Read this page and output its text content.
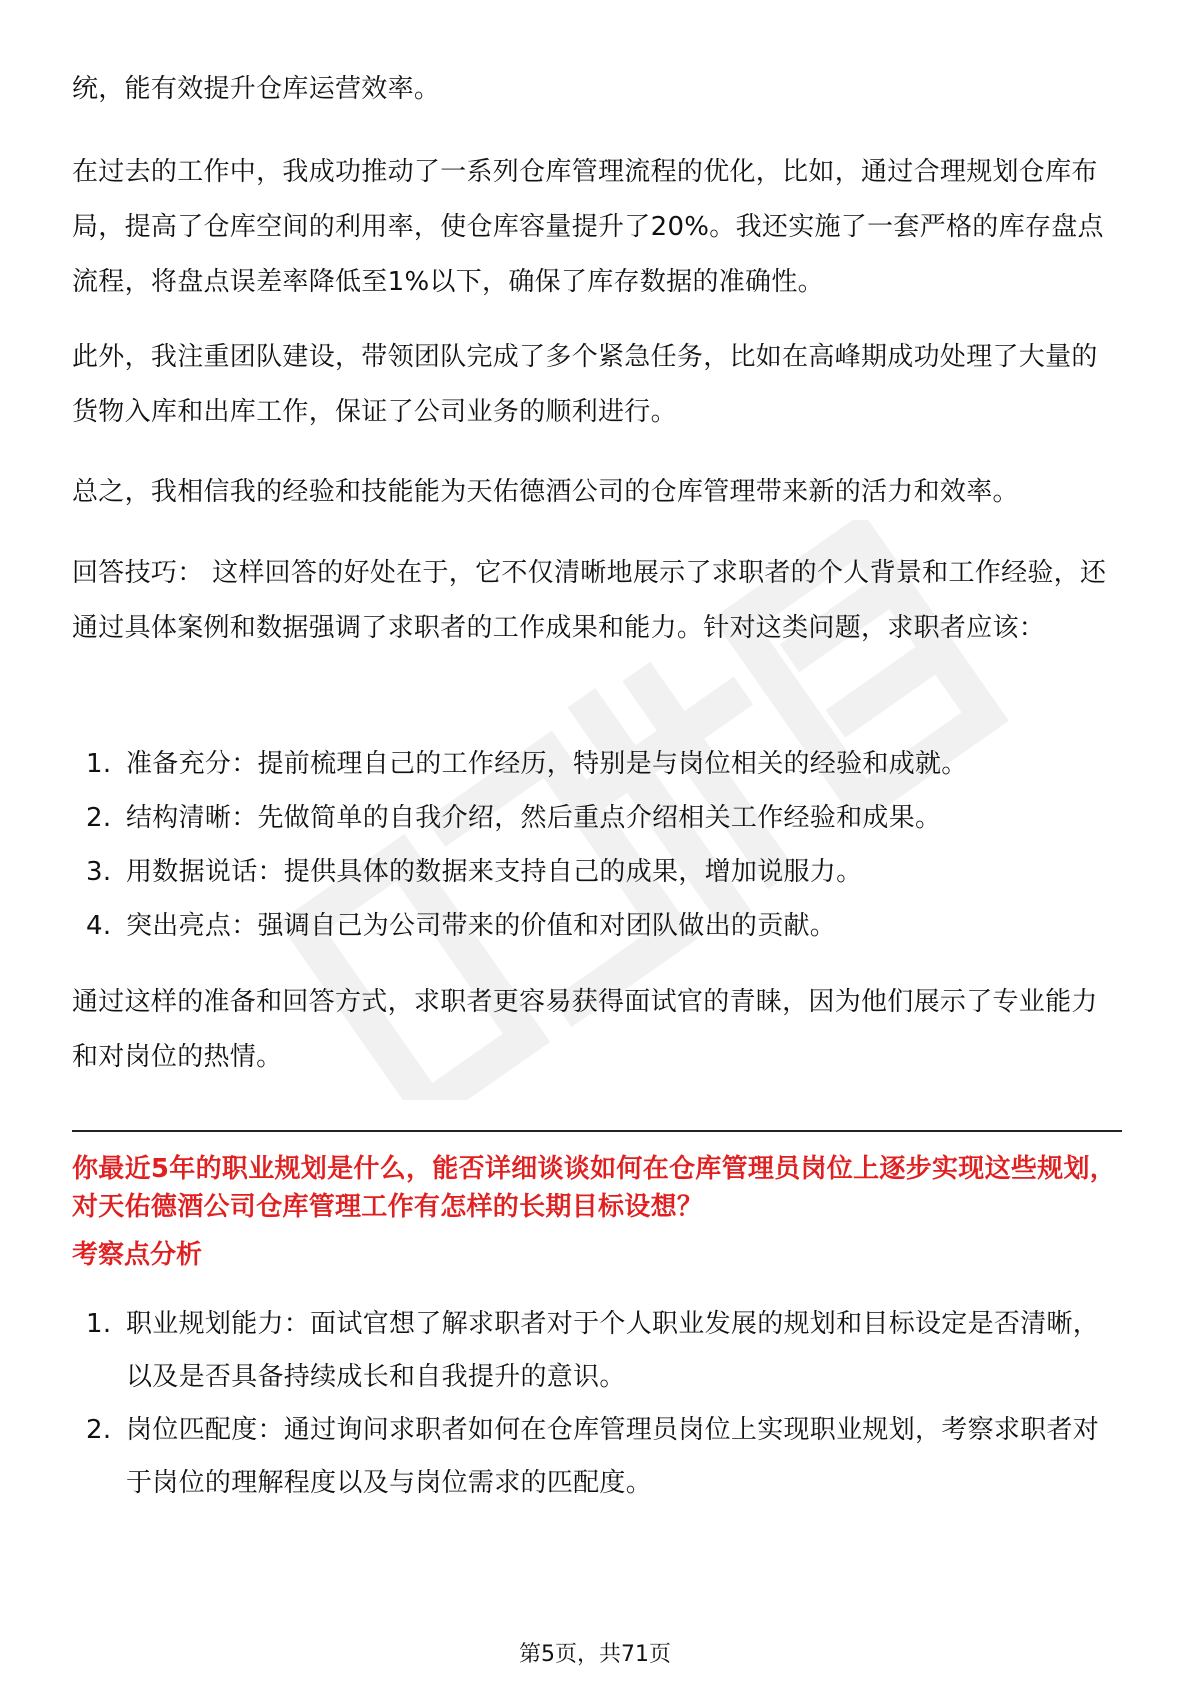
统，能有效提升仓库运营效率。

在过去的工作中，我成功推动了一系列仓库管理流程的优化，比如，通过合理规划仓库布局，提高了仓库空间的利用率，使仓库容量提升了20%。我还实施了一套严格的库存盘点流程，将盘点误差率降低至1%以下，确保了库存数据的准确性。

此外，我注重团队建设，带领团队完成了多个紧急任务，比如在高峰期成功处理了大量的货物入库和出库工作，保证了公司业务的顺利进行。

总之，我相信我的经验和技能能为天佑德酒公司的仓库管理带来新的活力和效率。

回答技巧： 这样回答的好处在于，它不仅清晰地展示了求职者的个人背景和工作经验，还通过具体案例和数据强调了求职者的工作成果和能力。针对这类问题，求职者应该：

1. 准备充分：提前梳理自己的工作经历，特别是与岗位相关的经验和成就。
2. 结构清晰：先做简单的自我介绍，然后重点介绍相关工作经验和成果。
3. 用数据说话：提供具体的数据来支持自己的成果，增加说服力。
4. 突出亮点：强调自己为公司带来的价值和对团队做出的贡献。

通过这样的准备和回答方式，求职者更容易获得面试官的青睐，因为他们展示了专业能力和对岗位的热情。

你最近5年的职业规划是什么，能否详细谈谈如何在仓库管理员岗位上逐步实现这些规划，对天佑德酒公司仓库管理工作有怎样的长期目标设想？

考察点分析

1. 职业规划能力：面试官想了解求职者对于个人职业发展的规划和目标设定是否清晰，以及是否具备持续成长和自我提升的意识。
2. 岗位匹配度：通过询问求职者如何在仓库管理员岗位上实现职业规划，考察求职者对于岗位的理解程度以及与岗位需求的匹配度。
第5页，共71页
